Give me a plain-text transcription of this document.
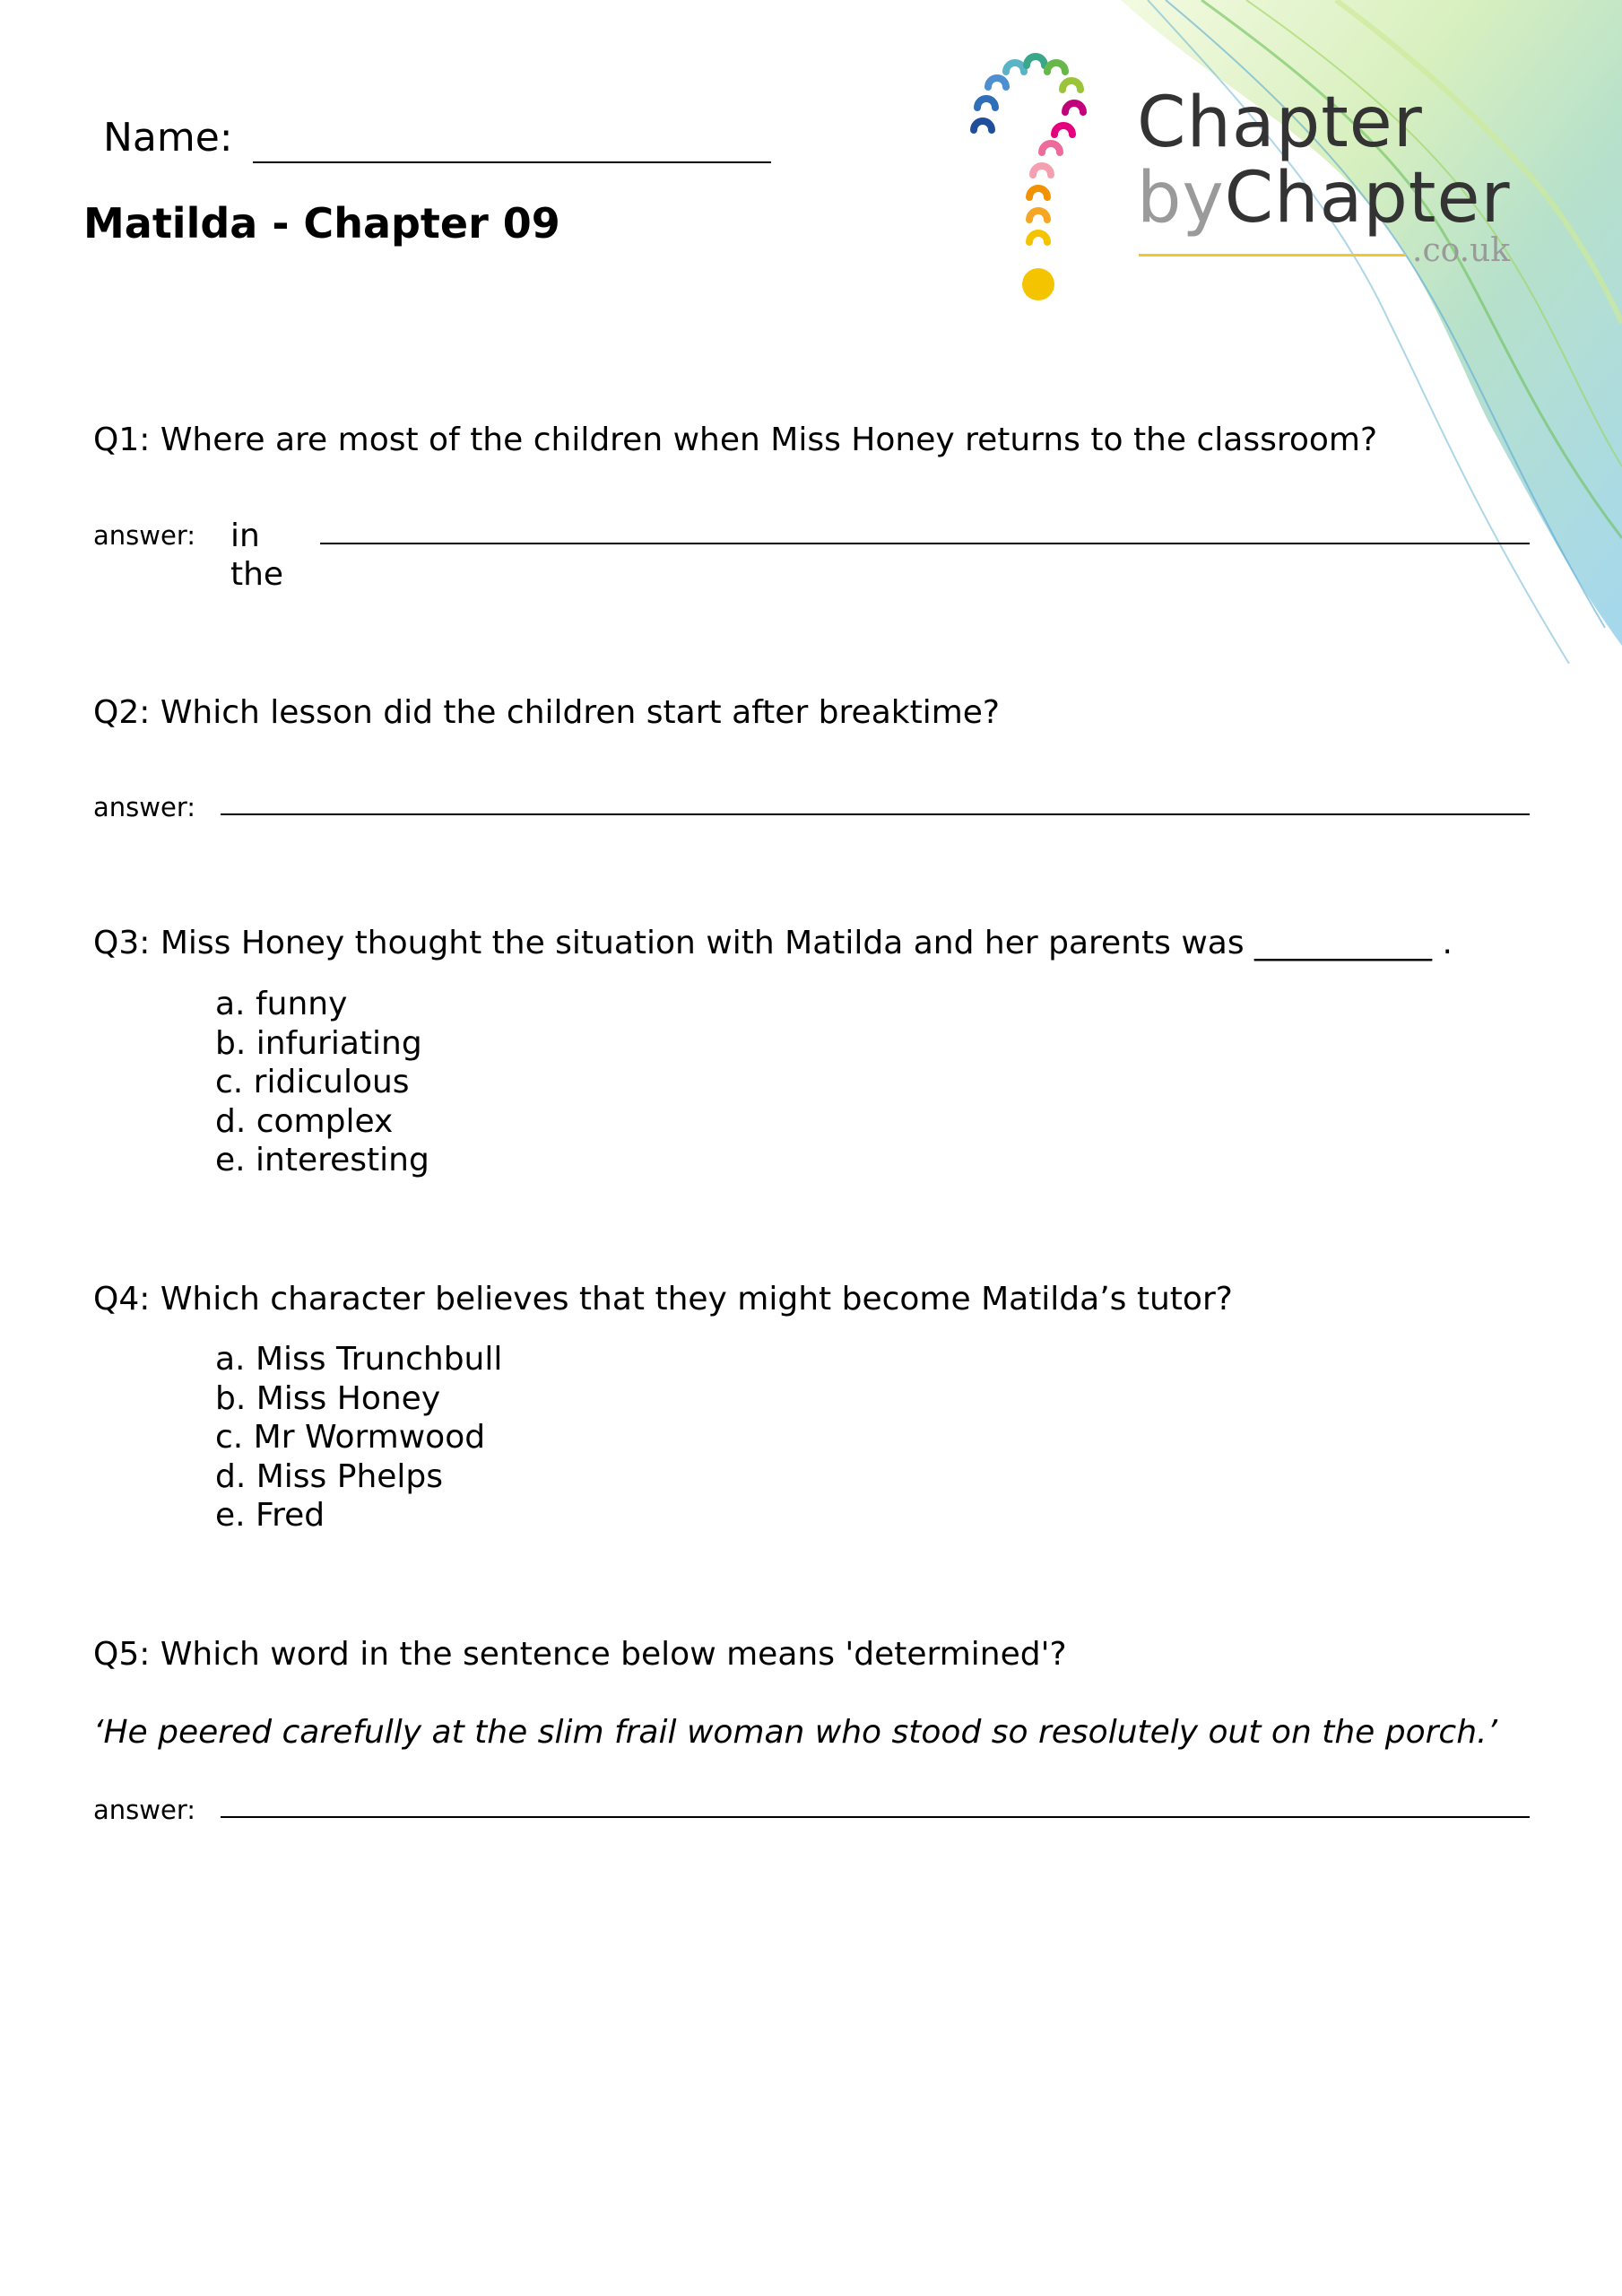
Chapter
byChapter
.co.uk
Name:
Matilda - Chapter 09
Q1: Where are most of the children when Miss Honey returns to the classroom?
answer: in
the
Q2: Which lesson did the children start after breaktime?
answer:
Q3: Miss Honey thought the situation with Matilda and her parents was ___________ .
a. funny
b. infuriating
c. ridiculous
d. complex
e. interesting
Q4: Which character believes that they might become Matilda’s tutor?
a. Miss Trunchbull
b. Miss Honey
c. Mr Wormwood
d. Miss Phelps
e. Fred
Q5: Which word in the sentence below means 'determined'?
‘He peered carefully at the slim frail woman who stood so resolutely out on the porch.’
answer:
